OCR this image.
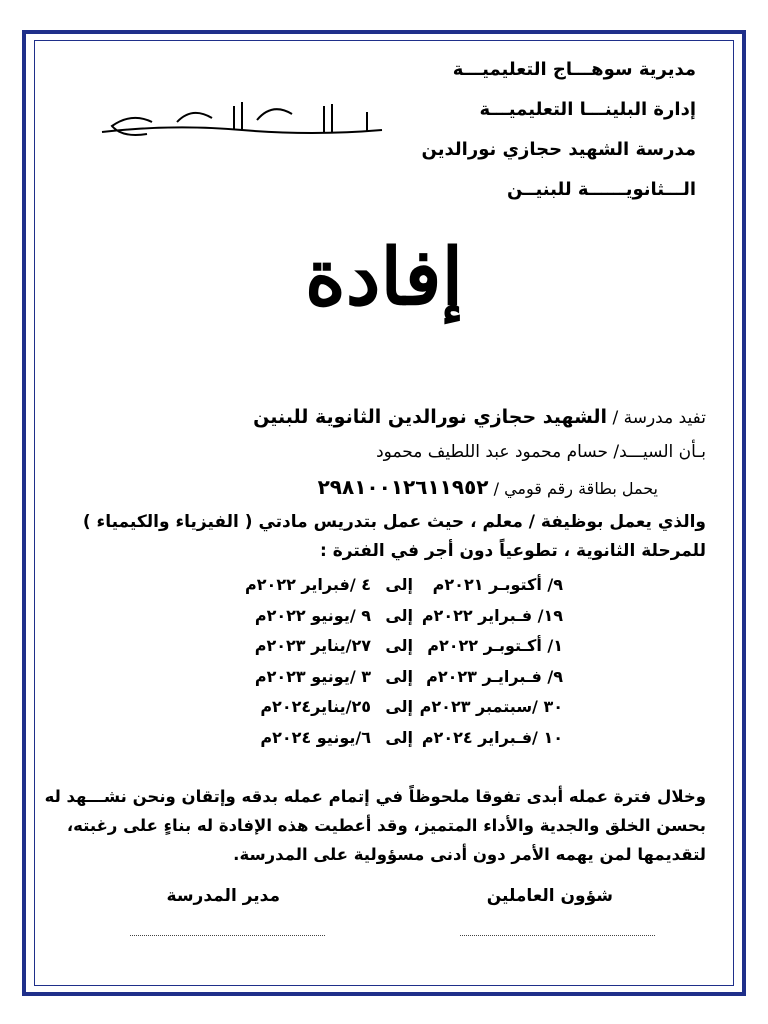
مديرية سوهـــاج التعليميـــة
إدارة البلينـــا التعليميـــة
مدرسة الشهيد حجازي نورالدين
الـــثانويــــــة للبنيــن
إفادة
تفيد مدرسة / الشهيد حجازي نورالدين الثانوية للبنين
بـأن السيـــد/ حسام محمود عبد اللطيف محمود
يحمل بطاقة رقم قومي / ٢٩٨١٠٠١٢٦١١٩٥٢
والذي يعمل بوظيفة / معلم ، حيث عمل بتدريس مادتي ( الفيزياء والكيمياء )
للمرحلة الثانوية ، تطوعياً دون أجر في الفترة :
٩/ أكتوبـر ٢٠٢١مإلى٤ /فبراير ٢٠٢٢م
١٩/ فـبراير ٢٠٢٢مإلى٩ /يونيو ٢٠٢٢م
١/ أكـتوبـر ٢٠٢٢مإلى٢٧/يناير ٢٠٢٣م
٩/ فـبرايـر ٢٠٢٣مإلى٣ /يونيو ٢٠٢٣م
٣٠ /سبتمبر ٢٠٢٣مإلى٢٥/يناير٢٠٢٤م
١٠ /فـبراير ٢٠٢٤مإلى٦/يونيو ٢٠٢٤م
وخلال فترة عمله أبدى تفوقا ملحوظاً في إتمام عمله بدقه وإتقان ونحن نشـــهد له
بحسن الخلق والجدية والأداء المتميز، وقد أعطيت هذه الإفادة له بناءٍ على رغبته،
لتقديمها لمن يهمه الأمر دون أدنى مسؤولية على المدرسة.
شؤون العاملين
مدير المدرسة
